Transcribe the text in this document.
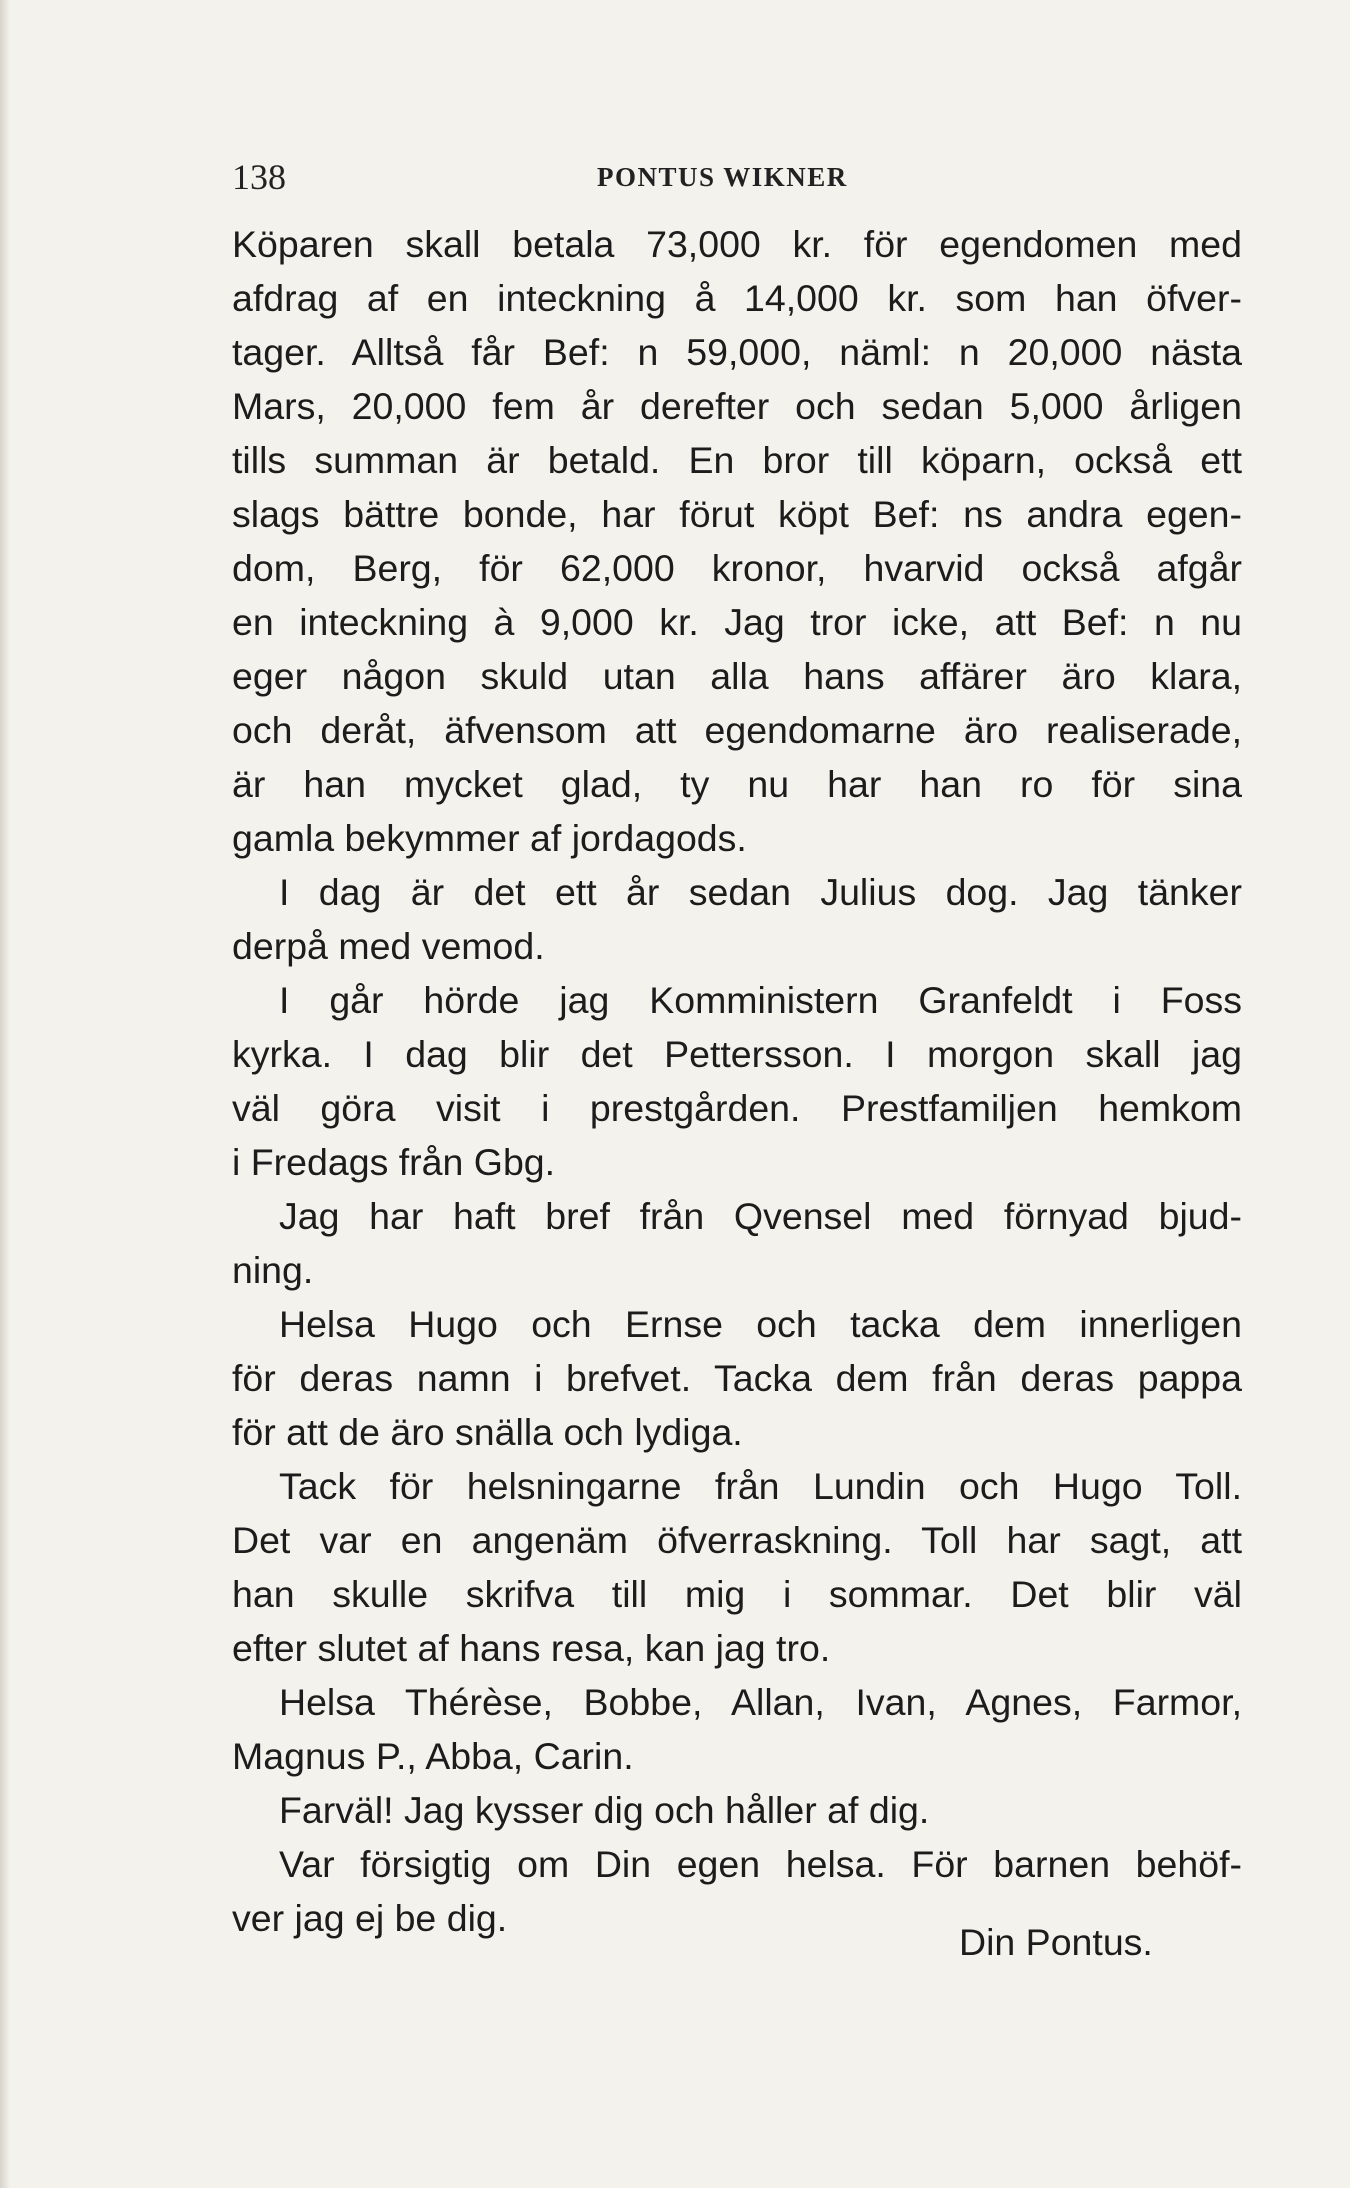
138	PONTUS WIKNER
Köparen skall betala 73,000 kr. för egendomen med
afdrag af en inteckning å 14,000 kr. som han öfver-
tager. Alltså får Bef: n 59,000, näml: n 20,000 nästa
Mars, 20,000 fem år derefter och sedan 5,000 årligen
tills summan är betald. En bror till köparn, också ett
slags bättre bonde, har förut köpt Bef: ns andra egen-
dom, Berg, för 62,000 kronor, hvarvid också afgår
en inteckning à 9,000 kr. Jag tror icke, att Bef: n nu
eger någon skuld utan alla hans affärer äro klara,
och deråt, äfvensom att egendomarne äro realiserade,
är han mycket glad, ty nu har han ro för sina
gamla bekymmer af jordagods.
I dag är det ett år sedan Julius dog. Jag tänker
derpå med vemod.
I går hörde jag Komministern Granfeldt i Foss
kyrka. I dag blir det Pettersson. I morgon skall jag
väl göra visit i prestgården. Prestfamiljen hemkom
i Fredags från Gbg.
Jag har haft bref från Qvensel med förnyad bjud-
ning.
Helsa Hugo och Ernse och tacka dem innerligen
för deras namn i brefvet. Tacka dem från deras pappa
för att de äro snälla och lydiga.
Tack för helsningarne från Lundin och Hugo Toll.
Det var en angenäm öfverraskning. Toll har sagt, att
han skulle skrifva till mig i sommar. Det blir väl
efter slutet af hans resa, kan jag tro.
Helsa Thérèse, Bobbe, Allan, Ivan, Agnes, Farmor,
Magnus P., Abba, Carin.
Farväl! Jag kysser dig och håller af dig.
Var försigtig om Din egen helsa. För barnen behöf-
ver jag ej be dig.
Din Pontus.
